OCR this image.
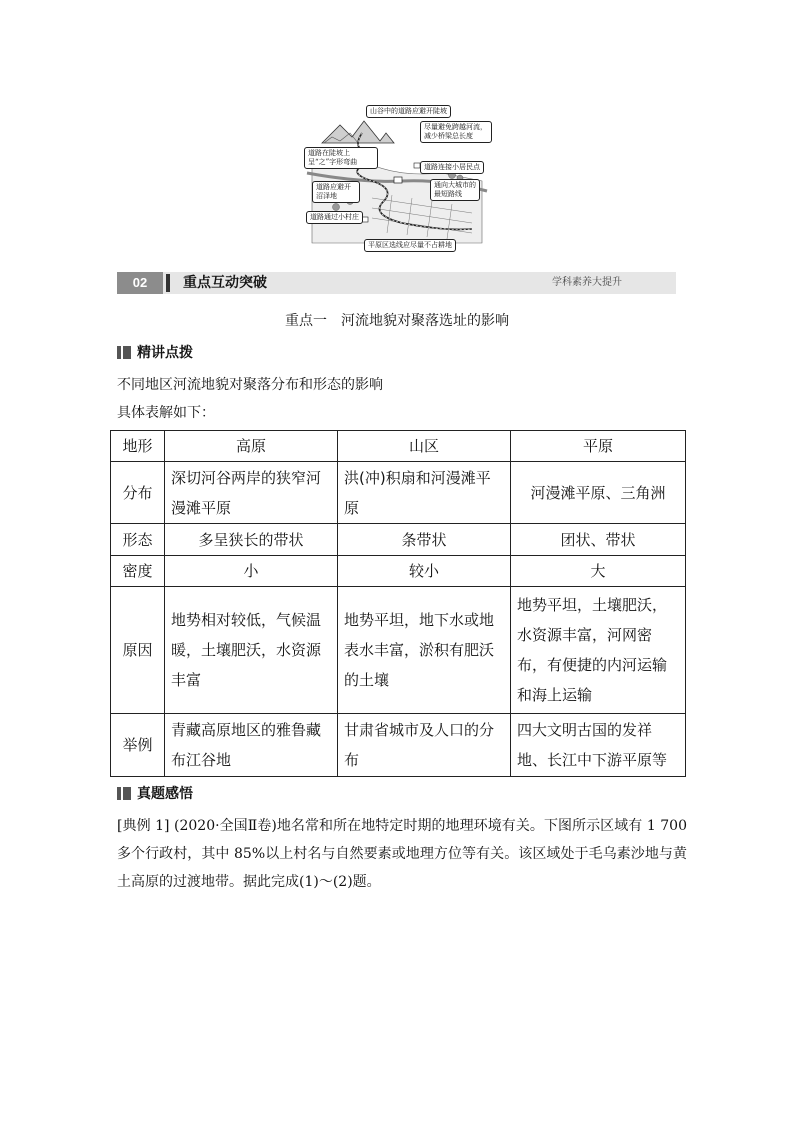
山谷中的道路应避开陡坡
尽量避免跨越河流，减少桥梁总长度
道路在陡坡上呈“之”字形弯曲
道路连接小居民点
道路应避开沼泽地
通向大城市的最短路线
道路通过小村庄
平原区选线应尽量不占耕地
02	重点互动突破	学科素养大提升
重点一　河流地貌对聚落选址的影响
精讲点拨
不同地区河流地貌对聚落分布和形态的影响
具体表解如下：
地形	高原	山区	平原
分布	深切河谷两岸的狭窄河漫滩平原	洪(冲)积扇和河漫滩平原	河漫滩平原、三角洲
形态	多呈狭长的带状	条带状	团状、带状
密度	小	较小	大
原因	地势相对较低，气候温暖，土壤肥沃，水资源丰富	地势平坦，地下水或地表水丰富，淤积有肥沃的土壤	地势平坦，土壤肥沃，水资源丰富，河网密布，有便捷的内河运输和海上运输
举例	青藏高原地区的雅鲁藏布江谷地	甘肃省城市及人口的分布	四大文明古国的发祥地、长江中下游平原等
真题感悟
[典例 1] (2020·全国Ⅱ卷)地名常和所在地特定时期的地理环境有关。下图所示区域有 1 700 多个行政村，其中 85%以上村名与自然要素或地理方位等有关。该区域处于毛乌素沙地与黄土高原的过渡地带。据此完成(1)～(2)题。
